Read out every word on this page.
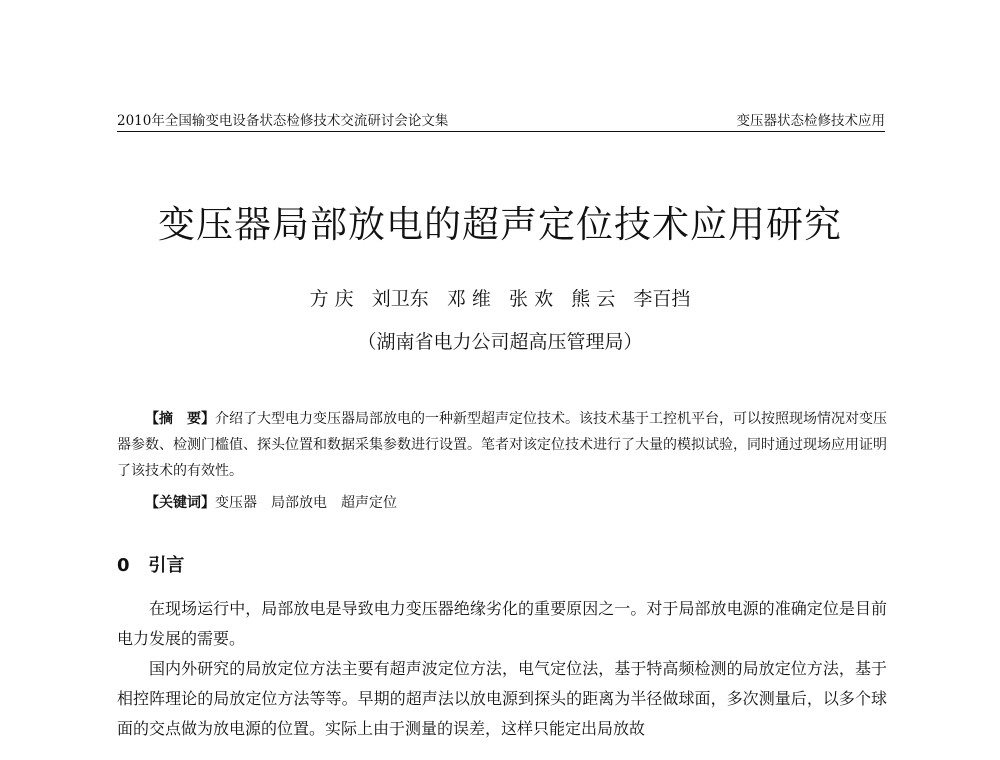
2010年全国输变电设备状态检修技术交流研讨会论文集	变压器状态检修技术应用
变压器局部放电的超声定位技术应用研究
方 庆   刘卫东   邓 维   张 欢   熊 云   李百挡
（湖南省电力公司超高压管理局）
【摘　要】介绍了大型电力变压器局部放电的一种新型超声定位技术。该技术基于工控机平台，可以按照现场情况对变压器参数、检测门槛值、探头位置和数据采集参数进行设置。笔者对该定位技术进行了大量的模拟试验，同时通过现场应用证明了该技术的有效性。
【关键词】变压器　局部放电　超声定位
0 引言

在现场运行中，局部放电是导致电力变压器绝缘劣化的重要原因之一。对于局部放电源的准确定位是目前电力发展的需要。

国内外研究的局放定位方法主要有超声波定位方法，电气定位法，基于特高频检测的局放定位方法，基于相控阵理论的局放定位方法等等。早期的超声法以放电源到探头的距离为半径做球面，多次测量后，以多个球面的交点做为放电源的位置。实际上由于测量的误差，这样只能定出局放故
